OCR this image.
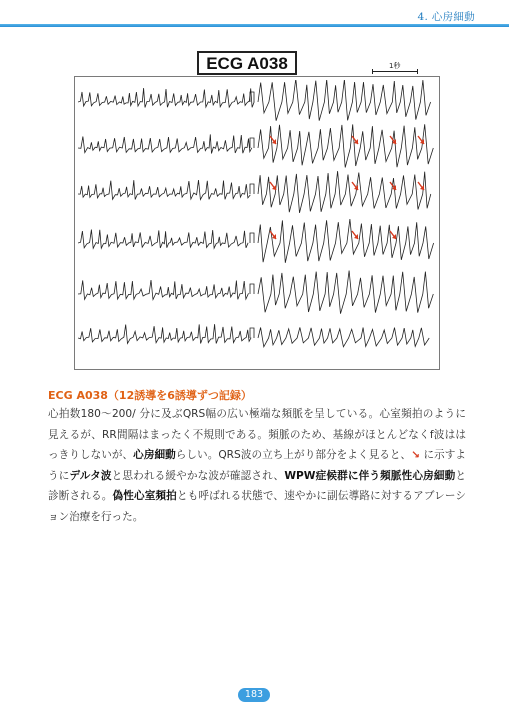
4. 心房細動
ECG A038	1秒
ECG A038（12誘導を6誘導ずつ記録）
心拍数180〜200/ 分に及ぶQRS幅の広い極端な頻脈を呈している。心室頻拍のように見えるが、RR間隔はまったく不規則である。頻脈のため、基線がほとんどなくf波ははっきりしないが、心房細動らしい。QRS波の立ち上がり部分をよく見ると、↘ に示すようにデルタ波と思われる緩やかな波が確認され、WPW症候群に伴う頻脈性心房細動と診断される。偽性心室頻拍とも呼ばれる状態で、速やかに副伝導路に対するアブレーション治療を行った。
183
